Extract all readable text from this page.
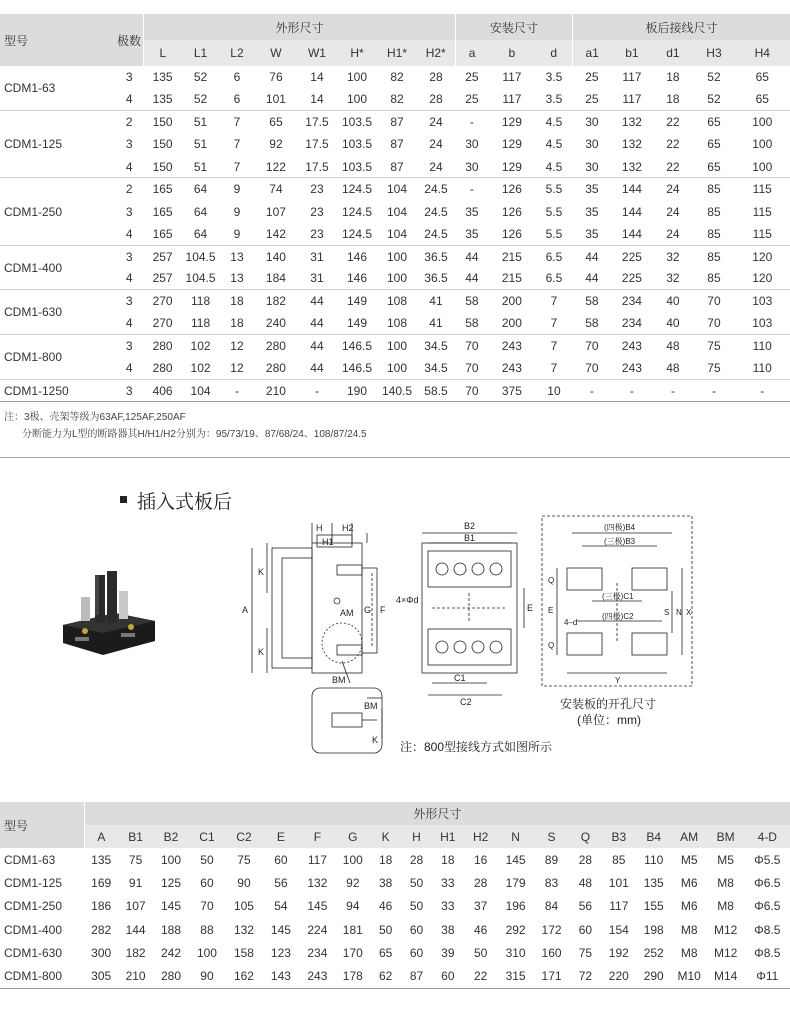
型号	极数	外形尺寸								安装尺寸			板后接线尺寸				
		L	L1	L2	W	W1	H*	H1*	H2*	a	b	d	a1	b1	d1	H3	H4
CDM1-63	3	135	52	6	76	14	100	82	28	25	117	3.5	25	117	18	52	65
	4	135	52	6	101	14	100	82	28	25	117	3.5	25	117	18	52	65
CDM1-125	2	150	51	7	65	17.5	103.5	87	24	-	129	4.5	30	132	22	65	100
	3	150	51	7	92	17.5	103.5	87	24	30	129	4.5	30	132	22	65	100
	4	150	51	7	122	17.5	103.5	87	24	30	129	4.5	30	132	22	65	100
CDM1-250	2	165	64	9	74	23	124.5	104	24.5	-	126	5.5	35	144	24	85	115
	3	165	64	9	107	23	124.5	104	24.5	35	126	5.5	35	144	24	85	115
	4	165	64	9	142	23	124.5	104	24.5	35	126	5.5	35	144	24	85	115
CDM1-400	3	257	104.5	13	140	31	146	100	36.5	44	215	6.5	44	225	32	85	120
	4	257	104.5	13	184	31	146	100	36.5	44	215	6.5	44	225	32	85	120
CDM1-630	3	270	118	18	182	44	149	108	41	58	200	7	58	234	40	70	103
	4	270	118	18	240	44	149	108	41	58	200	7	58	234	40	70	103
CDM1-800	3	280	102	12	280	44	146.5	100	34.5	70	243	7	70	243	48	75	110
	4	280	102	12	280	44	146.5	100	34.5	70	243	7	70	243	48	75	110
CDM1-1250	3	406	104	-	210	-	190	140.5	58.5	70	375	10	-	-	-	-	-
注：3极、壳架等级为63AF,125AF,250AF
分断能力为L型的断路器其H/H1/H2分别为：95/73/19、87/68/24、108/87/24.5
插入式板后
H H2
H1
A
K
K
F
G
AM
BM
BM
K
B2
B1
C1
C2
4×Φd
E
(四极)B4
(三极)B3
(三极)C1
(四极)C2
4–d
Q
Q
E	S N X
Y
安装板的开孔尺寸
(单位：mm)
注：800型接线方式如图所示
型号	外形尺寸																			
	A	B1	B2	C1	C2	E	F	G	K	H	H1	H2	N	S	Q	B3	B4	AM	BM	4-D
CDM1-63	135	75	100	50	75	60	117	100	18	28	18	16	145	89	28	85	110	M5	M5	Φ5.5
CDM1-125	169	91	125	60	90	56	132	92	38	50	33	28	179	83	48	101	135	M6	M8	Φ6.5
CDM1-250	186	107	145	70	105	54	145	94	46	50	33	37	196	84	56	117	155	M6	M8	Φ6.5
CDM1-400	282	144	188	88	132	145	224	181	50	60	38	46	292	172	60	154	198	M8	M12	Φ8.5
CDM1-630	300	182	242	100	158	123	234	170	65	60	39	50	310	160	75	192	252	M8	M12	Φ8.5
CDM1-800	305	210	280	90	162	143	243	178	62	87	60	22	315	171	72	220	290	M10	M14	Φ11
